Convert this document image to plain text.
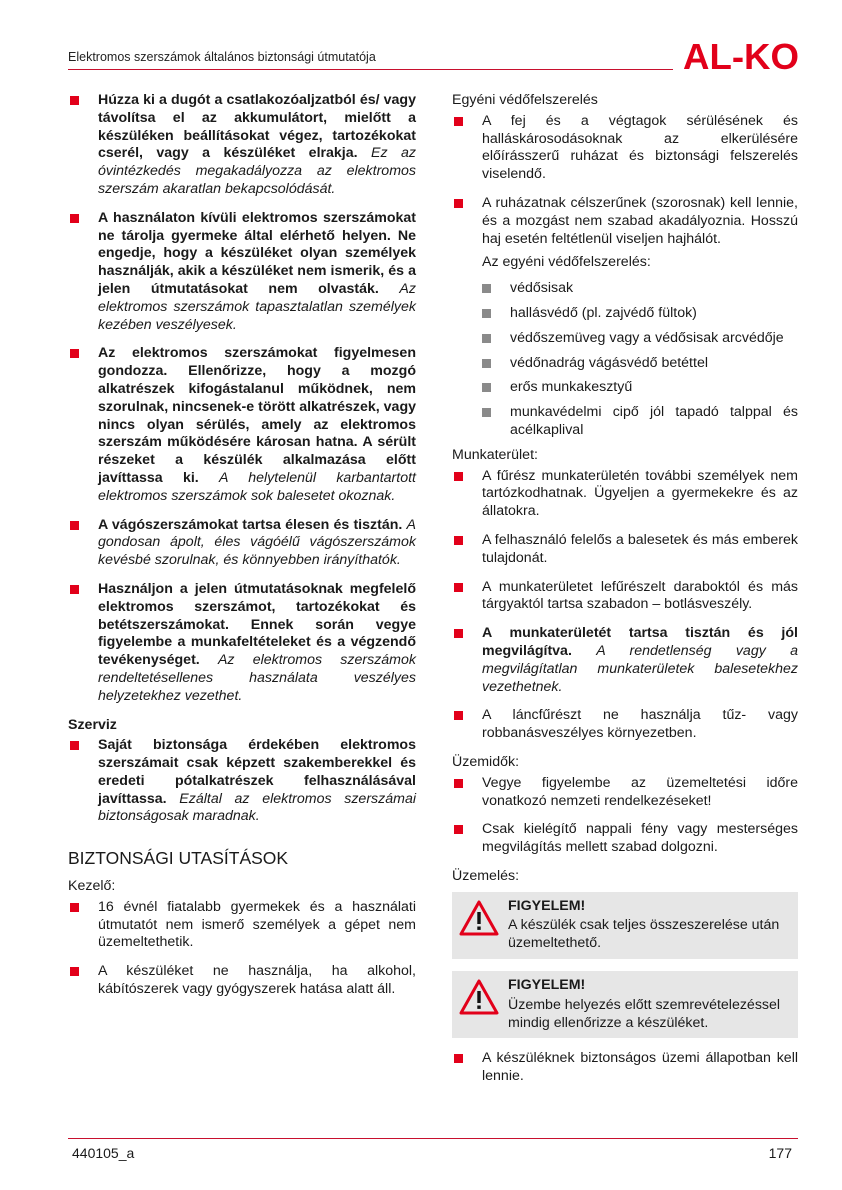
Elektromos szerszámok általános biztonsági útmutatója	AL-KO
Húzza ki a dugót a csatlakozóaljzatból és/ vagy távolítsa el az akkumulátort, mielőtt a készüléken beállításokat végez, tartozékokat cserél, vagy a készüléket elrakja. Ez az óvintézkedés megakadályozza az elektromos szerszám akaratlan bekapcsolódását.
A használaton kívüli elektromos szerszámokat ne tárolja gyermeke által elérhető helyen. Ne engedje, hogy a készüléket olyan személyek használják, akik a készüléket nem ismerik, és a jelen útmutatásokat nem olvasták. Az elektromos szerszámok tapasztalatlan személyek kezében veszélyesek.
Az elektromos szerszámokat figyelmesen gondozza. Ellenőrizze, hogy a mozgó alkatrészek kifogástalanul működnek, nem szorulnak, nincsenek-e törött alkatrészek, vagy nincs olyan sérülés, amely az elektromos szerszám működésére károsan hatna. A sérült részeket a készülék alkalmazása előtt javíttassa ki. A helytelenül karbantartott elektromos szerszámok sok balesetet okoznak.
A vágószerszámokat tartsa élesen és tisztán. A gondosan ápolt, éles vágóélű vágószerszámok kevésbé szorulnak, és könnyebben irányíthatók.
Használjon a jelen útmutatásoknak megfelelő elektromos szerszámot, tartozékokat és betétszerszámokat. Ennek során vegye figyelembe a munkafeltételeket és a végzendő tevékenységet. Az elektromos szerszámok rendeltetésellenes használata veszélyes helyzetekhez vezethet.
Szerviz
Saját biztonsága érdekében elektromos szerszámait csak képzett szakemberekkel és eredeti pótalkatrészek felhasználásával javíttassa. Ezáltal az elektromos szerszámai biztonságosak maradnak.
BIZTONSÁGI UTASÍTÁSOK
Kezelő:
16 évnél fiatalabb gyermekek és a használati útmutatót nem ismerő személyek a gépet nem üzemeltethetik.
A készüléket ne használja, ha alkohol, kábítószerek vagy gyógyszerek hatása alatt áll.
Egyéni védőfelszerelés
A fej és a végtagok sérülésének és halláskárosodásoknak az elkerülésére előírásszerű ruházat és biztonsági felszerelés viselendő.
A ruházatnak célszerűnek (szorosnak) kell lennie, és a mozgást nem szabad akadályoznia. Hosszú haj esetén feltétlenül viseljen hajhálót.
Az egyéni védőfelszerelés:
védősisak
hallásvédő (pl. zajvédő fültok)
védőszemüveg vagy a védősisak arcvédője
védőnadrág vágásvédő betéttel
erős munkakesztyű
munkavédelmi cipő jól tapadó talppal és acélkaplival
Munkaterület:
A fűrész munkaterületén további személyek nem tartózkodhatnak. Ügyeljen a gyermekekre és az állatokra.
A felhasználó felelős a balesetek és más emberek tulajdonát.
A munkaterületet lefűrészelt daraboktól és más tárgyaktól tartsa szabadon – botlásveszély.
A munkaterületét tartsa tisztán és jól megvilágítva. A rendetlenség vagy a megvilágítatlan munkaterületek balesetekhez vezethetnek.
A láncfűrészt ne használja tűz- vagy robbanásveszélyes környezetben.
Üzemidők:
Vegye figyelembe az üzemeltetési időre vonatkozó nemzeti rendelkezéseket!
Csak kielégítő nappali fény vagy mesterséges megvilágítás mellett szabad dolgozni.
Üzemelés:
FIGYELEM!
A készülék csak teljes összeszerelése után üzemeltethető.
FIGYELEM!
Üzembe helyezés előtt szemrevételezéssel mindig ellenőrizze a készüléket.
A készüléknek biztonságos üzemi állapotban kell lennie.
440105_a	177
